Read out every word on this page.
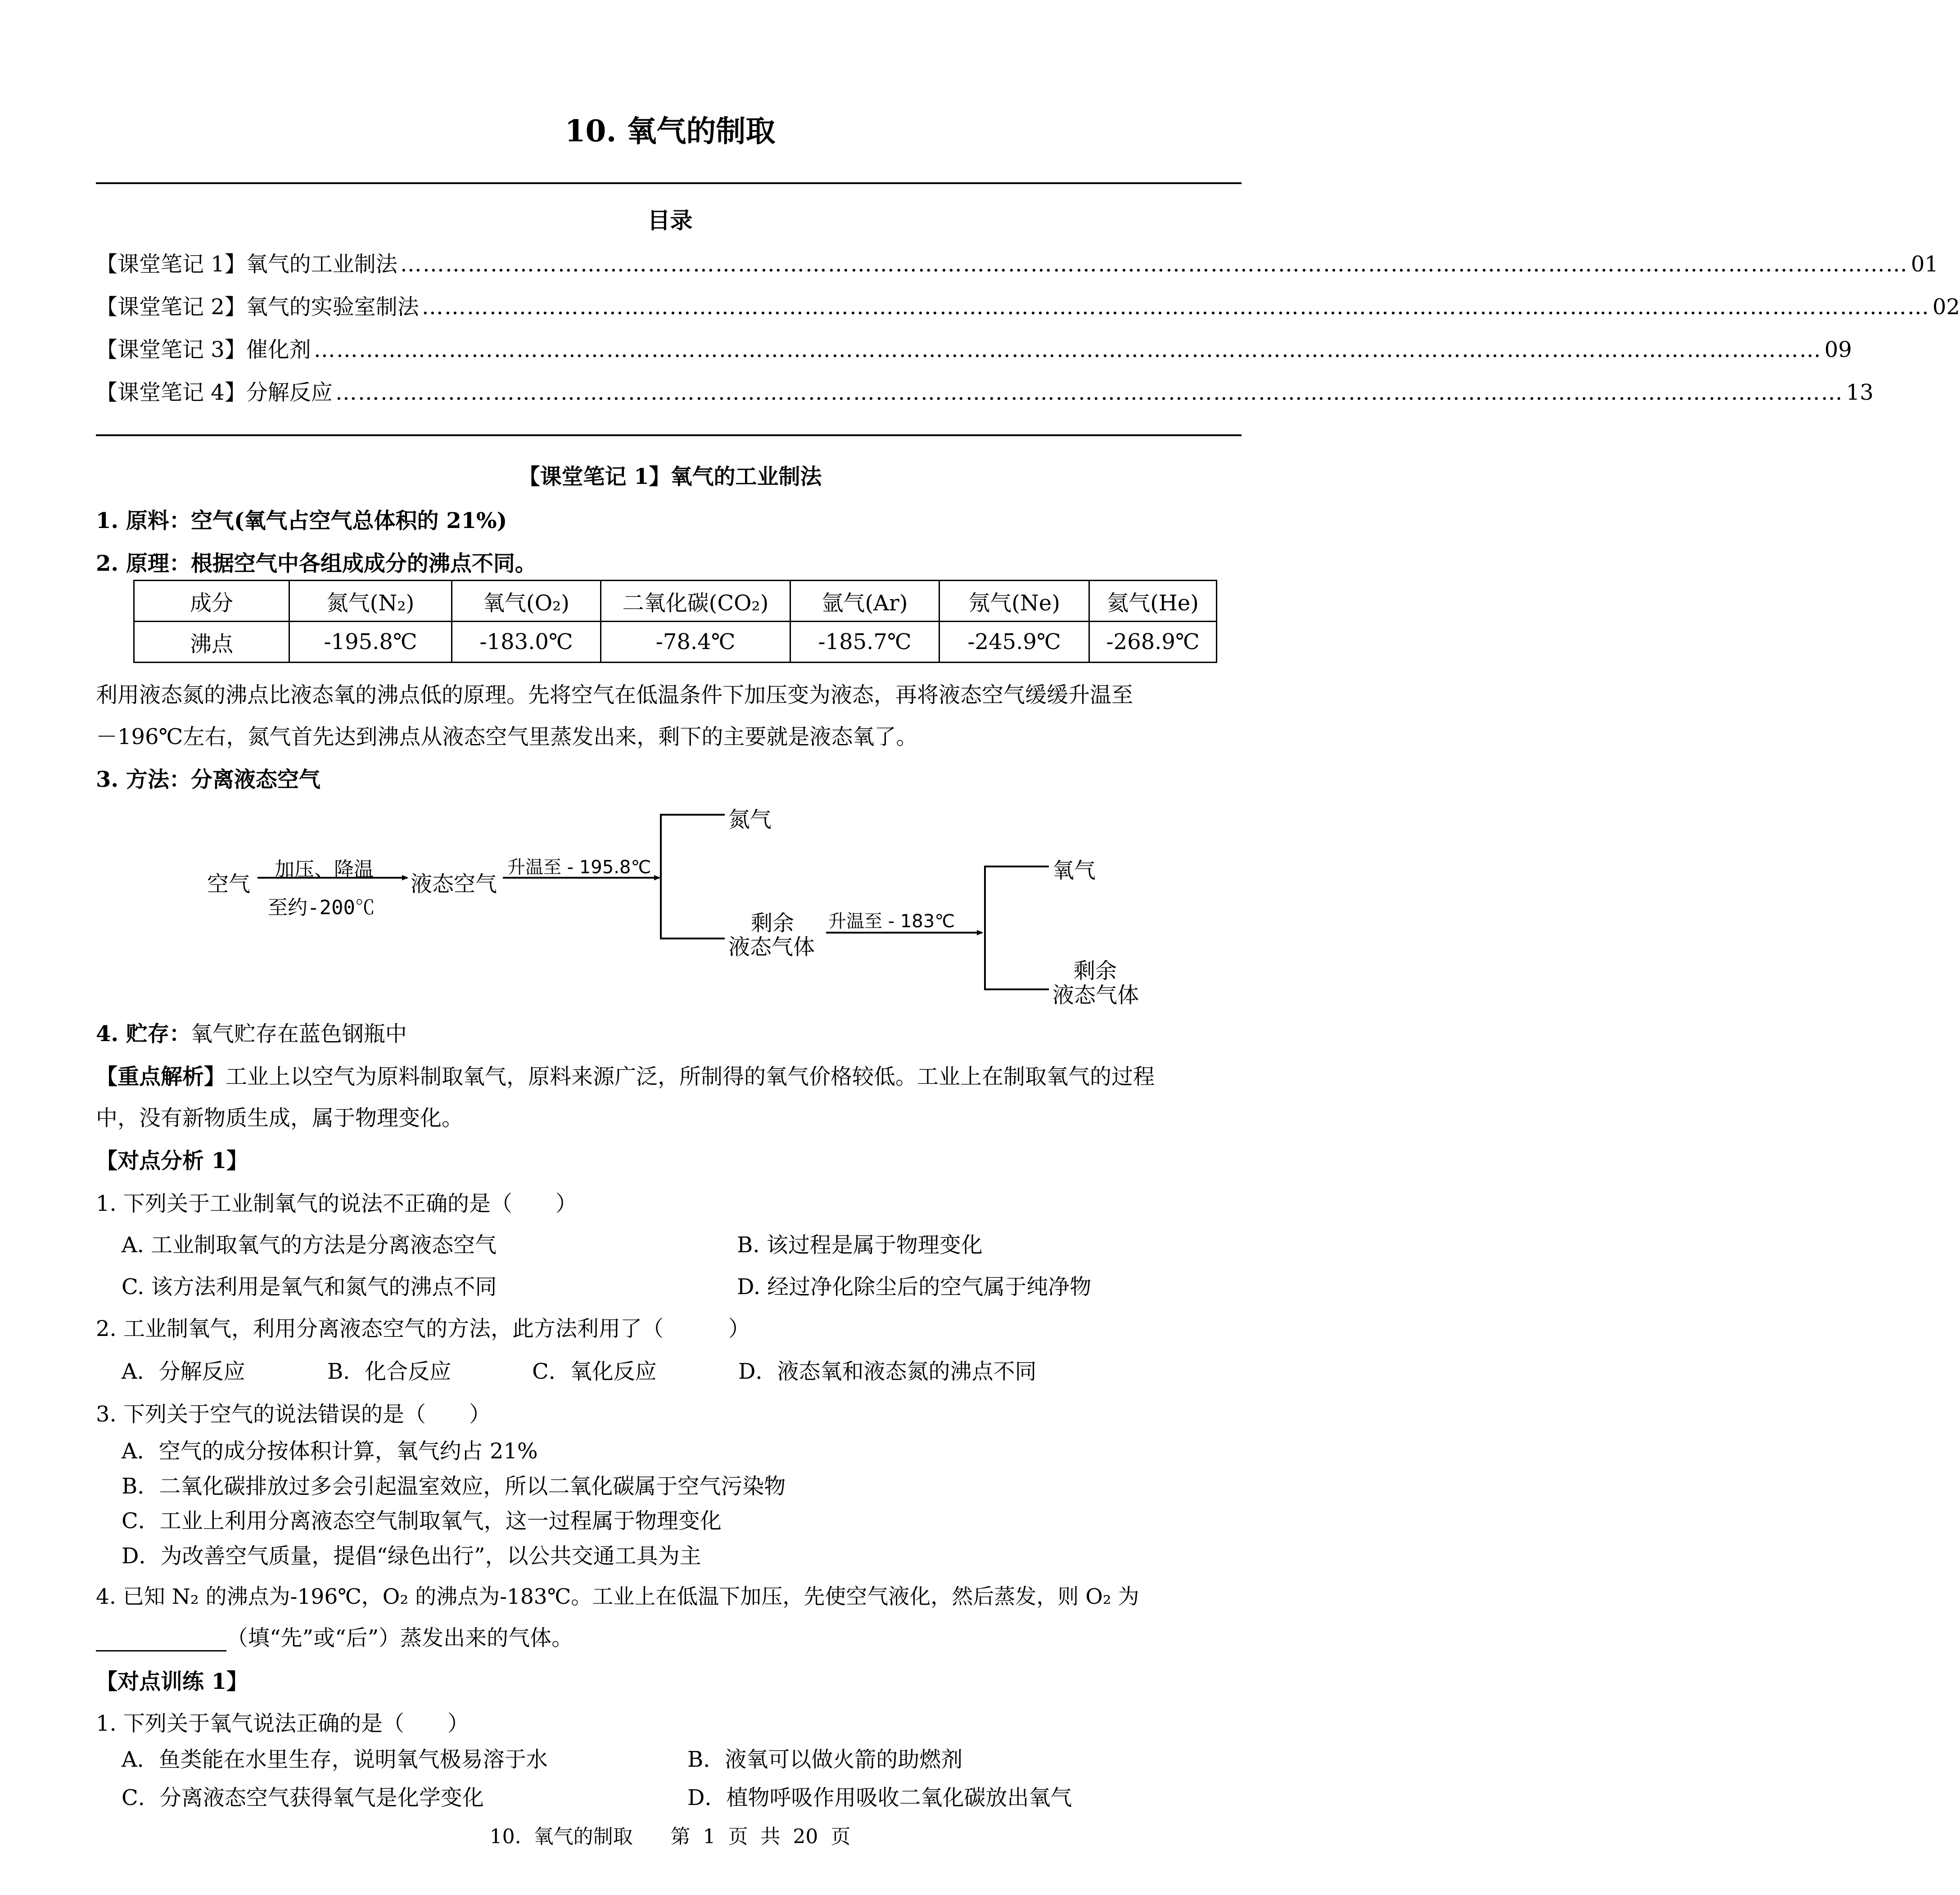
10. 氧气的制取
目录
【课堂笔记 1】氧气的工业制法 ………………………………………………………………………………………………………………………………………………………………………………… 01
【课堂笔记 2】氧气的实验室制法 ………………………………………………………………………………………………………………………………………………………………………………… 02
【课堂笔记 3】催化剂 ………………………………………………………………………………………………………………………………………………………………………………… 09
【课堂笔记 4】分解反应 ………………………………………………………………………………………………………………………………………………………………………………… 13
【课堂笔记 1】氧气的工业制法
1. 原料：空气(氧气占空气总体积的 21%)
2. 原理：根据空气中各组成成分的沸点不同。
成分	氮气(N₂)	氧气(O₂)	二氧化碳(CO₂)	氩气(Ar)	氖气(Ne)	氦气(He)
沸点	-195.8℃	-183.0℃	-78.4℃	-185.7℃	-245.9℃	-268.9℃
利用液态氮的沸点比液态氧的沸点低的原理。先将空气在低温条件下加压变为液态，再将液态空气缓缓升温至
－196℃左右，氮气首先达到沸点从液态空气里蒸发出来，剩下的主要就是液态氧了。
3. 方法：分离液态空气
空气
加压、降温
至约-200℃
液态空气
升温至 - 195.8℃
氮气
剩余
液态气体
升温至 - 183℃
氧气
剩余
液态气体
4. 贮存：氧气贮存在蓝色钢瓶中
【重点解析】工业上以空气为原料制取氧气，原料来源广泛，所制得的氧气价格较低。工业上在制取氧气的过程
中，没有新物质生成，属于物理变化。
【对点分析 1】
1. 下列关于工业制氧气的说法不正确的是（　　）
A. 工业制取氧气的方法是分离液态空气	B. 该过程是属于物理变化
C. 该方法利用是氧气和氮气的沸点不同	D. 经过净化除尘后的空气属于纯净物
2. 工业制氧气，利用分离液态空气的方法，此方法利用了（　　　）
A．分解反应	B．化合反应	C．氧化反应	D．液态氧和液态氮的沸点不同
3. 下列关于空气的说法错误的是（　　）
A．空气的成分按体积计算，氧气约占 21%
B．二氧化碳排放过多会引起温室效应，所以二氧化碳属于空气污染物
C．工业上利用分离液态空气制取氧气，这一过程属于物理变化
D．为改善空气质量，提倡“绿色出行”，以公共交通工具为主
4. 已知 N₂ 的沸点为-196℃，O₂ 的沸点为-183℃。工业上在低温下加压，先使空气液化，然后蒸发，则 O₂ 为
（填“先”或“后”）蒸发出来的气体。
【对点训练 1】
1. 下列关于氧气说法正确的是（　　）
A．鱼类能在水里生存，说明氧气极易溶于水	B．液氧可以做火箭的助燃剂
C．分离液态空气获得氧气是化学变化	D．植物呼吸作用吸收二氧化碳放出氧气
10.  氧气的制取      第  1  页  共  20  页
